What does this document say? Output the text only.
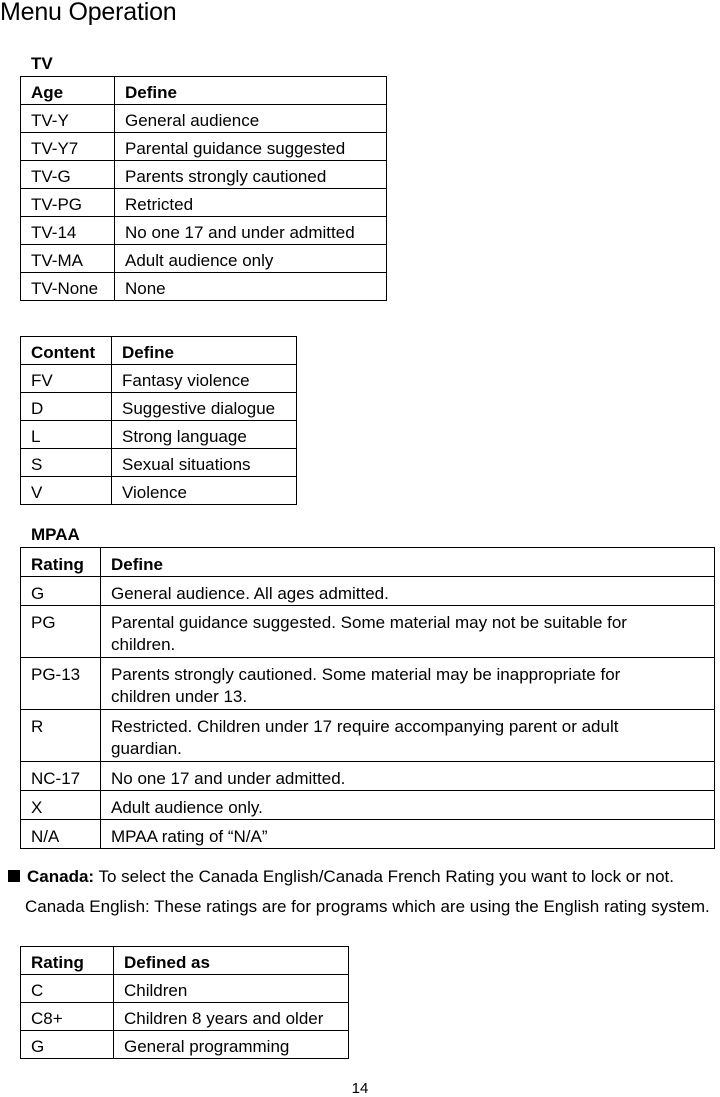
Menu Operation
TV
Age	Define
TV-Y	General audience
TV-Y7	Parental guidance suggested
TV-G	Parents strongly cautioned
TV-PG	Retricted
TV-14	No one 17 and under admitted
TV-MA	Adult audience only
TV-None	None
Content	Define
FV	Fantasy violence
D	Suggestive dialogue
L	Strong language
S	Sexual situations
V	Violence
MPAA
Rating	Define
G	General audience. All ages admitted.
PG	Parental guidance suggested. Some material may not be suitable for children.
PG-13	Parents strongly cautioned. Some material may be inappropriate for children under 13.
R	Restricted. Children under 17 require accompanying parent or adult guardian.
NC-17	No one 17 and under admitted.
X	Adult audience only.
N/A	MPAA rating of “N/A”
Canada: To select the Canada English/Canada French Rating you want to lock or not.
Canada English: These ratings are for programs which are using the English rating system.
Rating	Defined as
C	Children
C8+	Children 8 years and older
G	General programming
14
